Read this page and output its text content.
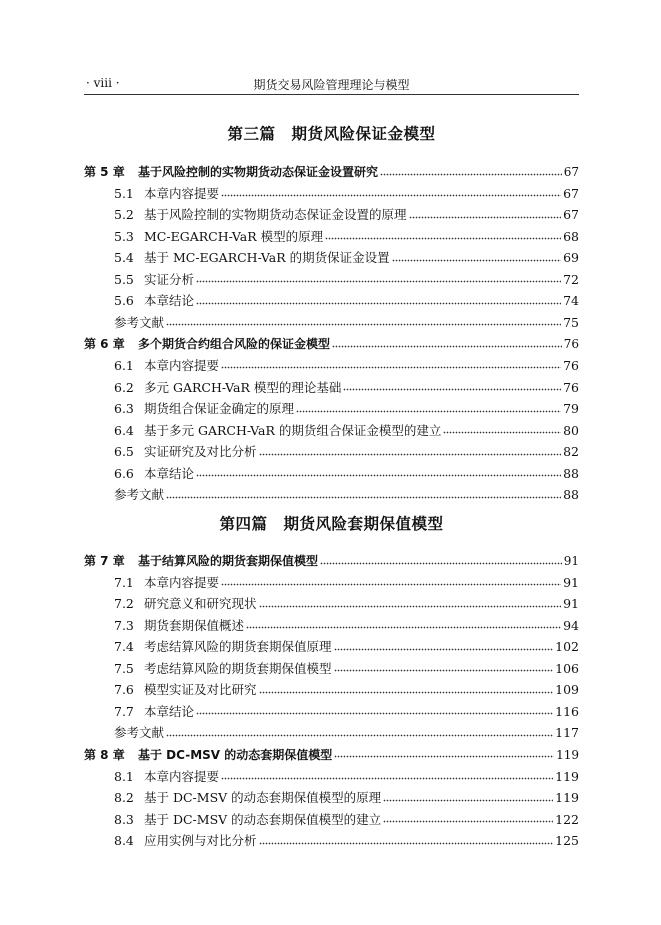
· viii ·	期货交易风险管理理论与模型
第三篇　期货风险保证金模型
第 5 章	基于风险控制的实物期货动态保证金设置研究	67
5.1 本章内容提要	67
5.2 基于风险控制的实物期货动态保证金设置的原理	67
5.3 MC-EGARCH-VaR 模型的原理	68
5.4 基于 MC-EGARCH-VaR 的期货保证金设置	69
5.5 实证分析	72
5.6 本章结论	74
参考文献	75
第 6 章	多个期货合约组合风险的保证金模型	76
6.1 本章内容提要	76
6.2 多元 GARCH-VaR 模型的理论基础	76
6.3 期货组合保证金确定的原理	79
6.4 基于多元 GARCH-VaR 的期货组合保证金模型的建立	80
6.5 实证研究及对比分析	82
6.6 本章结论	88
参考文献	88
第四篇　期货风险套期保值模型
第 7 章	基于结算风险的期货套期保值模型	91
7.1 本章内容提要	91
7.2 研究意义和研究现状	91
7.3 期货套期保值概述	94
7.4 考虑结算风险的期货套期保值原理	102
7.5 考虑结算风险的期货套期保值模型	106
7.6 模型实证及对比研究	109
7.7 本章结论	116
参考文献	117
第 8 章	基于 DC-MSV 的动态套期保值模型	119
8.1 本章内容提要	119
8.2 基于 DC-MSV 的动态套期保值模型的原理	119
8.3 基于 DC-MSV 的动态套期保值模型的建立	122
8.4 应用实例与对比分析	125
